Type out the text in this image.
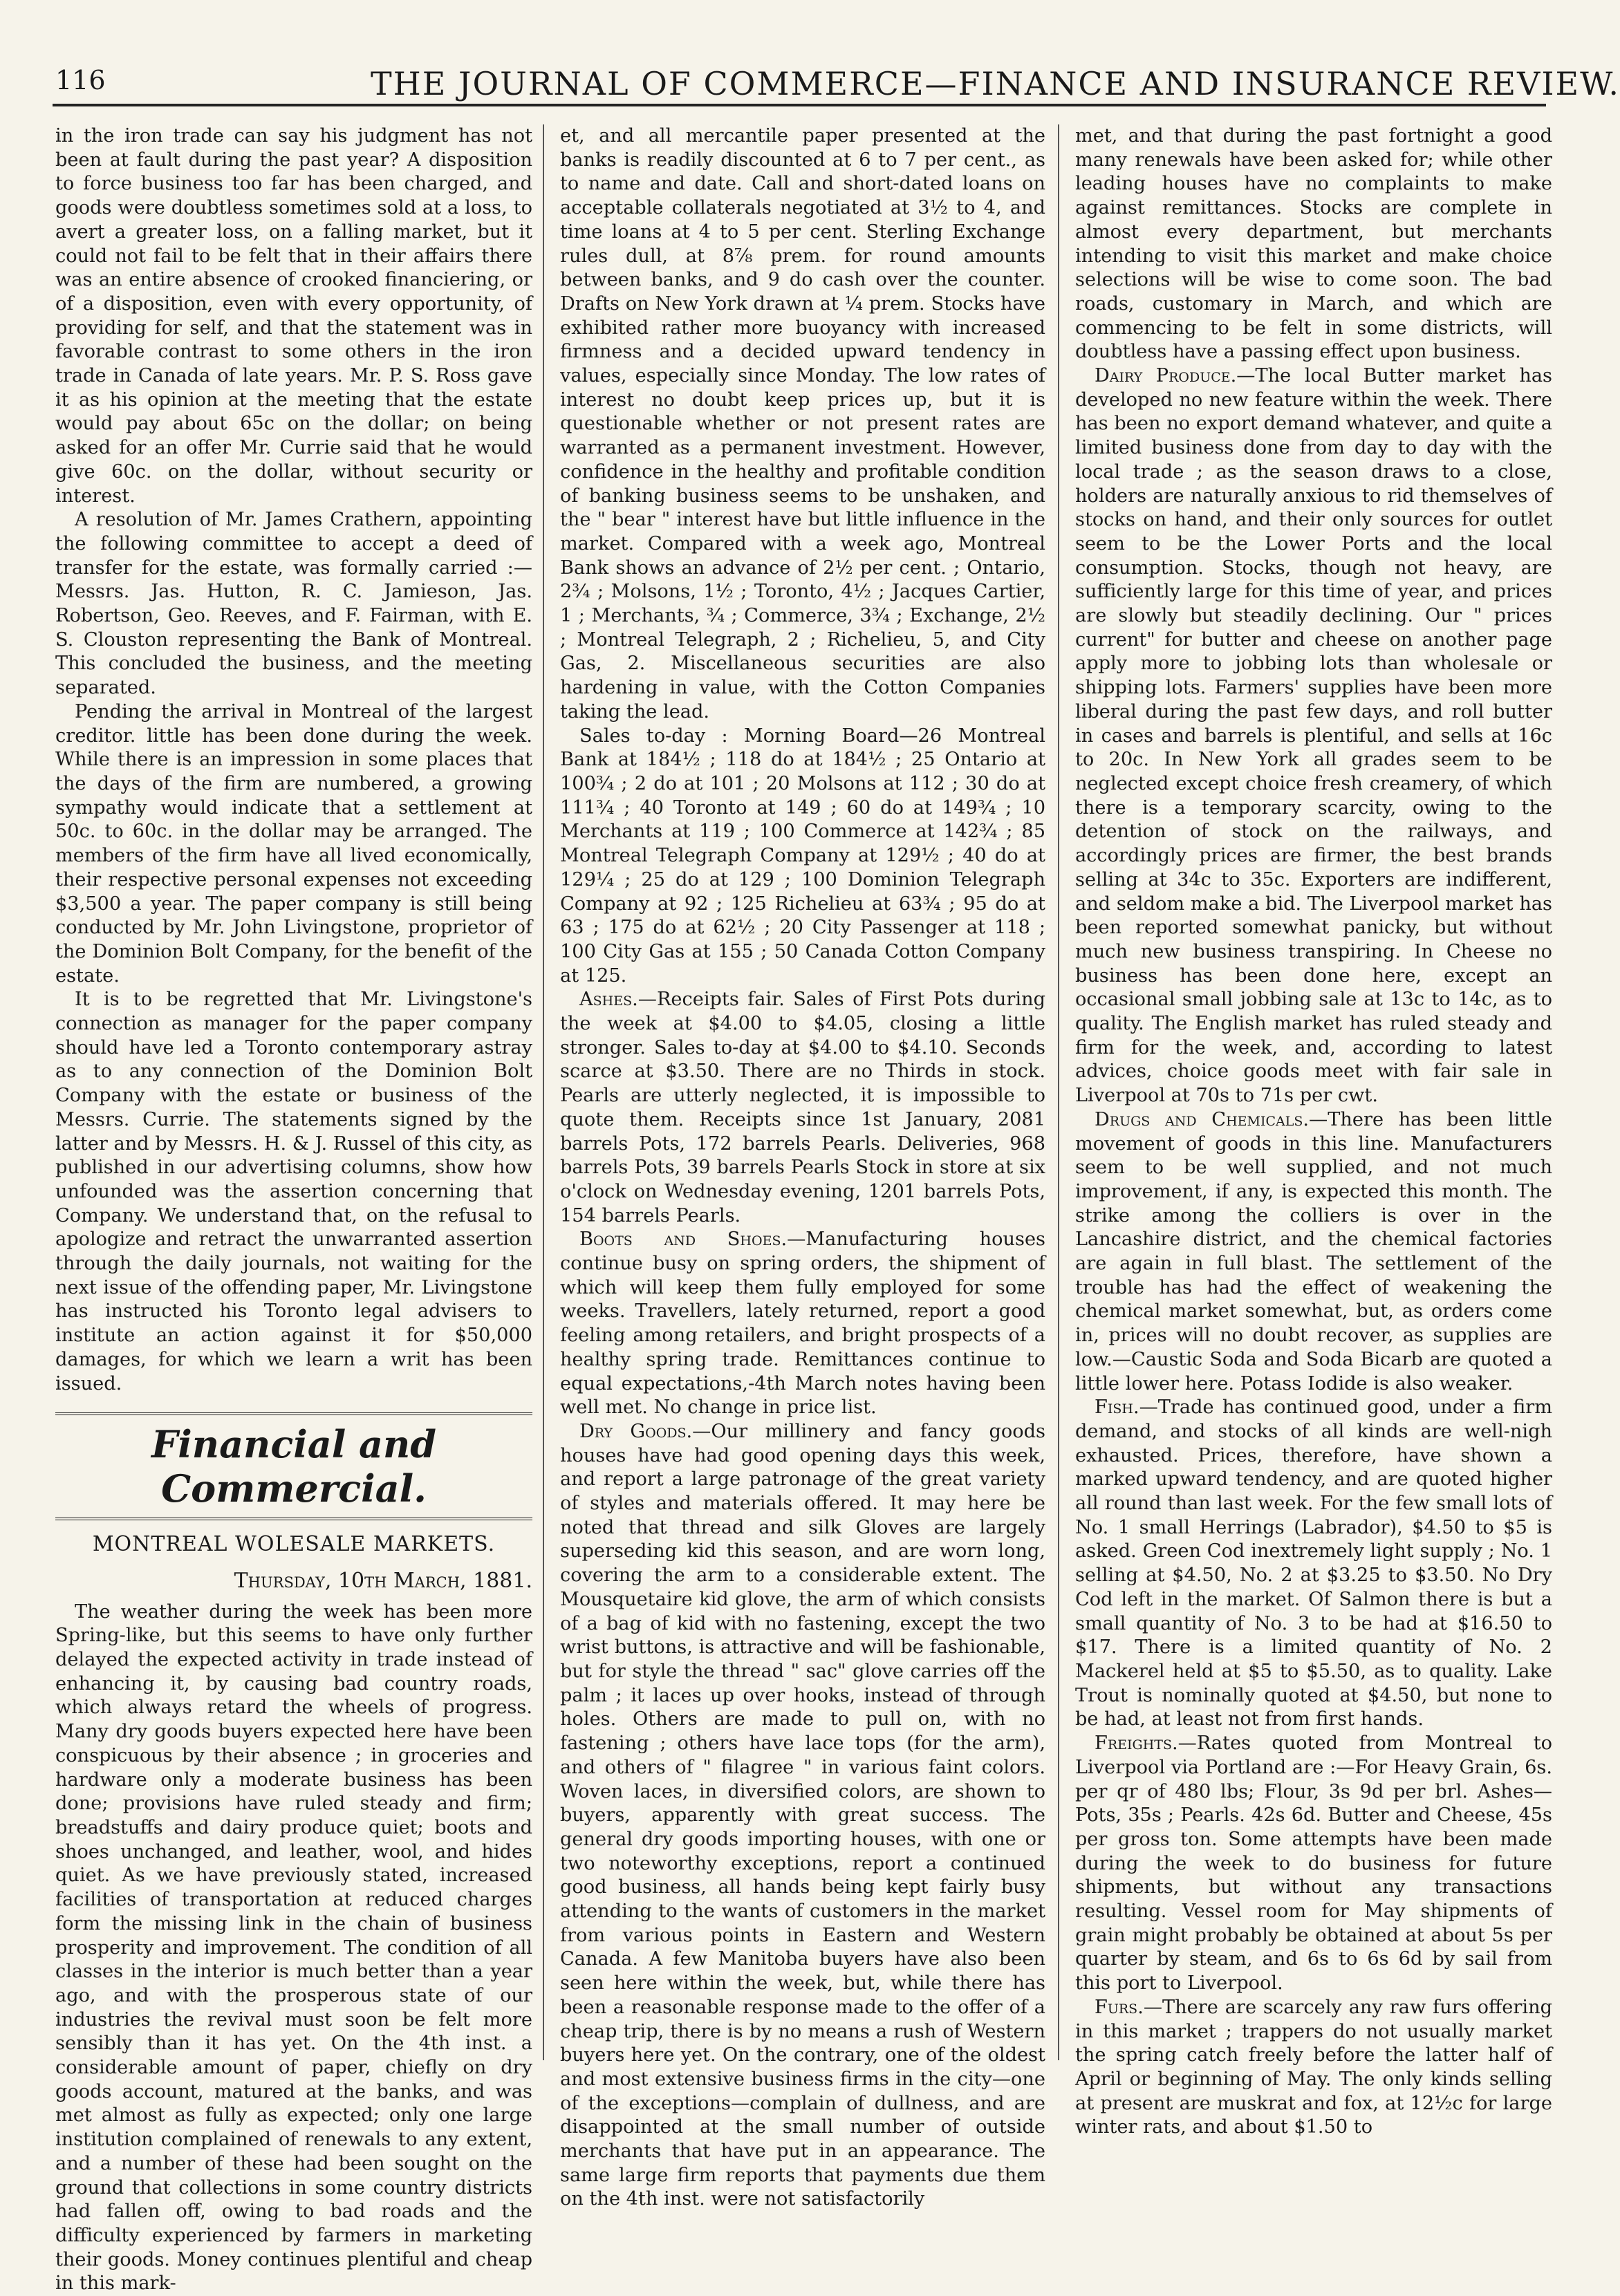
116	THE JOURNAL OF COMMERCE—FINANCE AND INSURANCE REVIEW.

in the iron trade can say his judgment has not been at fault during the past year? A disposition to force business too far has been charged, and goods were doubtless sometimes sold at a loss, to avert a greater loss, on a falling market, but it could not fail to be felt that in their affairs there was an entire absence of crooked financiering, or of a disposition, even with every opportunity, of providing for self, and that the statement was in favorable contrast to some others in the iron trade in Canada of late years. Mr. P. S. Ross gave it as his opinion at the meeting that the estate would pay about 65c on the dollar; on being asked for an offer Mr. Currie said that he would give 60c. on the dollar, without security or interest.

A resolution of Mr. James Crathern, appointing the following committee to accept a deed of transfer for the estate, was formally carried :—Messrs. Jas. Hutton, R. C. Jamieson, Jas. Robertson, Geo. Reeves, and F. Fairman, with E. S. Clouston representing the Bank of Montreal. This concluded the business, and the meeting separated.

Pending the arrival in Montreal of the largest creditor. little has been done during the week. While there is an impression in some places that the days of the firm are numbered, a growing sympathy would indicate that a settlement at 50c. to 60c. in the dollar may be arranged. The members of the firm have all lived economically, their respective personal expenses not exceeding $3,500 a year. The paper company is still being conducted by Mr. John Livingstone, proprietor of the Dominion Bolt Company, for the benefit of the estate.

It is to be regretted that Mr. Livingstone's connection as manager for the paper company should have led a Toronto contemporary astray as to any connection of the Dominion Bolt Company with the estate or business of the Messrs. Currie. The statements signed by the latter and by Messrs. H. & J. Russel of this city, as published in our advertising columns, show how unfounded was the assertion concerning that Company. We understand that, on the refusal to apologize and retract the unwarranted assertion through the daily journals, not waiting for the next issue of the offending paper, Mr. Livingstone has instructed his Toronto legal advisers to institute an action against it for $50,000 damages, for which we learn a writ has been issued.

Financial and Commercial.

MONTREAL WOLESALE MARKETS.

Thursday, 10th March, 1881.

The weather during the week has been more Spring-like, but this seems to have only further delayed the expected activity in trade instead of enhancing it, by causing bad country roads, which always retard the wheels of progress. Many dry goods buyers expected here have been conspicuous by their absence ; in groceries and hardware only a moderate business has been done; provisions have ruled steady and firm; breadstuffs and dairy produce quiet; boots and shoes unchanged, and leather, wool, and hides quiet. As we have previously stated, increased facilities of transportation at reduced charges form the missing link in the chain of business prosperity and improvement. The condition of all classes in the interior is much better than a year ago, and with the prosperous state of our industries the revival must soon be felt more sensibly than it has yet. On the 4th inst. a considerable amount of paper, chiefly on dry goods account, matured at the banks, and was met almost as fully as expected; only one large institution complained of renewals to any extent, and a number of these had been sought on the ground that collections in some country districts had fallen off, owing to bad roads and the difficulty experienced by farmers in marketing their goods. Money continues plentiful and cheap in this mark-

et, and all mercantile paper presented at the banks is readily discounted at 6 to 7 per cent., as to name and date. Call and short-dated loans on acceptable collaterals negotiated at 3½ to 4, and time loans at 4 to 5 per cent. Sterling Exchange rules dull, at 8⅞ prem. for round amounts between banks, and 9 do cash over the counter. Drafts on New York drawn at ¼ prem. Stocks have exhibited rather more buoyancy with increased firmness and a decided upward tendency in values, especially since Monday. The low rates of interest no doubt keep prices up, but it is questionable whether or not present rates are warranted as a permanent investment. However, confidence in the healthy and profitable condition of banking business seems to be unshaken, and the " bear " interest have but little influence in the market. Compared with a week ago, Montreal Bank shows an advance of 2½ per cent. ; Ontario, 2¾ ; Molsons, 1½ ; Toronto, 4½ ; Jacques Cartier, 1 ; Merchants, ¾ ; Commerce, 3¾ ; Exchange, 2½ ; Montreal Telegraph, 2 ; Richelieu, 5, and City Gas, 2. Miscellaneous securities are also hardening in value, with the Cotton Companies taking the lead.

Sales to-day : Morning Board—26 Montreal Bank at 184½ ; 118 do at 184½ ; 25 Ontario at 100¾ ; 2 do at 101 ; 20 Molsons at 112 ; 30 do at 111¾ ; 40 Toronto at 149 ; 60 do at 149¾ ; 10 Merchants at 119 ; 100 Commerce at 142¾ ; 85 Montreal Telegraph Company at 129½ ; 40 do at 129¼ ; 25 do at 129 ; 100 Dominion Telegraph Company at 92 ; 125 Richelieu at 63¾ ; 95 do at 63 ; 175 do at 62½ ; 20 City Passenger at 118 ; 100 City Gas at 155 ; 50 Canada Cotton Company at 125.

Ashes.—Receipts fair. Sales of First Pots during the week at $4.00 to $4.05, closing a little stronger. Sales to-day at $4.00 to $4.10. Seconds scarce at $3.50. There are no Thirds in stock. Pearls are utterly neglected, it is impossible to quote them. Receipts since 1st January, 2081 barrels Pots, 172 barrels Pearls. Deliveries, 968 barrels Pots, 39 barrels Pearls Stock in store at six o'clock on Wednesday evening, 1201 barrels Pots, 154 barrels Pearls.

Boots and Shoes.—Manufacturing houses continue busy on spring orders, the shipment of which will keep them fully employed for some weeks. Travellers, lately returned, report a good feeling among retailers, and bright prospects of a healthy spring trade. Remittances continue to equal expectations,-4th March notes having been well met. No change in price list.

Dry Goods.—Our millinery and fancy goods houses have had good opening days this week, and report a large patronage of the great variety of styles and materials offered. It may here be noted that thread and silk Gloves are largely superseding kid this season, and are worn long, covering the arm to a considerable extent. The Mousquetaire kid glove, the arm of which consists of a bag of kid with no fastening, except the two wrist buttons, is attractive and will be fashionable, but for style the thread " sac" glove carries off the palm ; it laces up over hooks, instead of through holes. Others are made to pull on, with no fastening ; others have lace tops (for the arm), and others of " filagree " in various faint colors. Woven laces, in diversified colors, are shown to buyers, apparently with great success. The general dry goods importing houses, with one or two noteworthy exceptions, report a continued good business, all hands being kept fairly busy attending to the wants of customers in the market from various points in Eastern and Western Canada. A few Manitoba buyers have also been seen here within the week, but, while there has been a reasonable response made to the offer of a cheap trip, there is by no means a rush of Western buyers here yet. On the contrary, one of the oldest and most extensive business firms in the city—one of the exceptions—complain of dullness, and are disappointed at the small number of outside merchants that have put in an appearance. The same large firm reports that payments due them on the 4th inst. were not satisfactorily

met, and that during the past fortnight a good many renewals have been asked for; while other leading houses have no complaints to make against remittances. Stocks are complete in almost every department, but merchants intending to visit this market and make choice selections will be wise to come soon. The bad roads, customary in March, and which are commencing to be felt in some districts, will doubtless have a passing effect upon business.

Dairy Produce.—The local Butter market has developed no new feature within the week. There has been no export demand whatever, and quite a limited business done from day to day with the local trade ; as the season draws to a close, holders are naturally anxious to rid themselves of stocks on hand, and their only sources for outlet seem to be the Lower Ports and the local consumption. Stocks, though not heavy, are sufficiently large for this time of year, and prices are slowly but steadily declining. Our " prices current" for butter and cheese on another page apply more to jobbing lots than wholesale or shipping lots. Farmers' supplies have been more liberal during the past few days, and roll butter in cases and barrels is plentiful, and sells at 16c to 20c. In New York all grades seem to be neglected except choice fresh creamery, of which there is a temporary scarcity, owing to the detention of stock on the railways, and accordingly prices are firmer, the best brands selling at 34c to 35c. Exporters are indifferent, and seldom make a bid. The Liverpool market has been reported somewhat panicky, but without much new business transpiring. In Cheese no business has been done here, except an occasional small jobbing sale at 13c to 14c, as to quality. The English market has ruled steady and firm for the week, and, according to latest advices, choice goods meet with fair sale in Liverpool at 70s to 71s per cwt.

Drugs and Chemicals.—There has been little movement of goods in this line. Manufacturers seem to be well supplied, and not much improvement, if any, is expected this month. The strike among the colliers is over in the Lancashire district, and the chemical factories are again in full blast. The settlement of the trouble has had the effect of weakening the chemical market somewhat, but, as orders come in, prices will no doubt recover, as supplies are low.—Caustic Soda and Soda Bicarb are quoted a little lower here. Potass Iodide is also weaker.

Fish.—Trade has continued good, under a firm demand, and stocks of all kinds are well-nigh exhausted. Prices, therefore, have shown a marked upward tendency, and are quoted higher all round than last week. For the few small lots of No. 1 small Herrings (Labrador), $4.50 to $5 is asked. Green Cod inextremely light supply ; No. 1 selling at $4.50, No. 2 at $3.25 to $3.50. No Dry Cod left in the market. Of Salmon there is but a small quantity of No. 3 to be had at $16.50 to $17. There is a limited quantity of No. 2 Mackerel held at $5 to $5.50, as to quality. Lake Trout is nominally quoted at $4.50, but none to be had, at least not from first hands.

Freights.—Rates quoted from Montreal to Liverpool via Portland are :—For Heavy Grain, 6s. per qr of 480 lbs; Flour, 3s 9d per brl. Ashes—Pots, 35s ; Pearls. 42s 6d. Butter and Cheese, 45s per gross ton. Some attempts have been made during the week to do business for future shipments, but without any transactions resulting. Vessel room for May shipments of grain might probably be obtained at about 5s per quarter by steam, and 6s to 6s 6d by sail from this port to Liverpool.

Furs.—There are scarcely any raw furs offering in this market ; trappers do not usually market the spring catch freely before the latter half of April or beginning of May. The only kinds selling at present are muskrat and fox, at 12½c for large winter rats, and about $1.50 to
